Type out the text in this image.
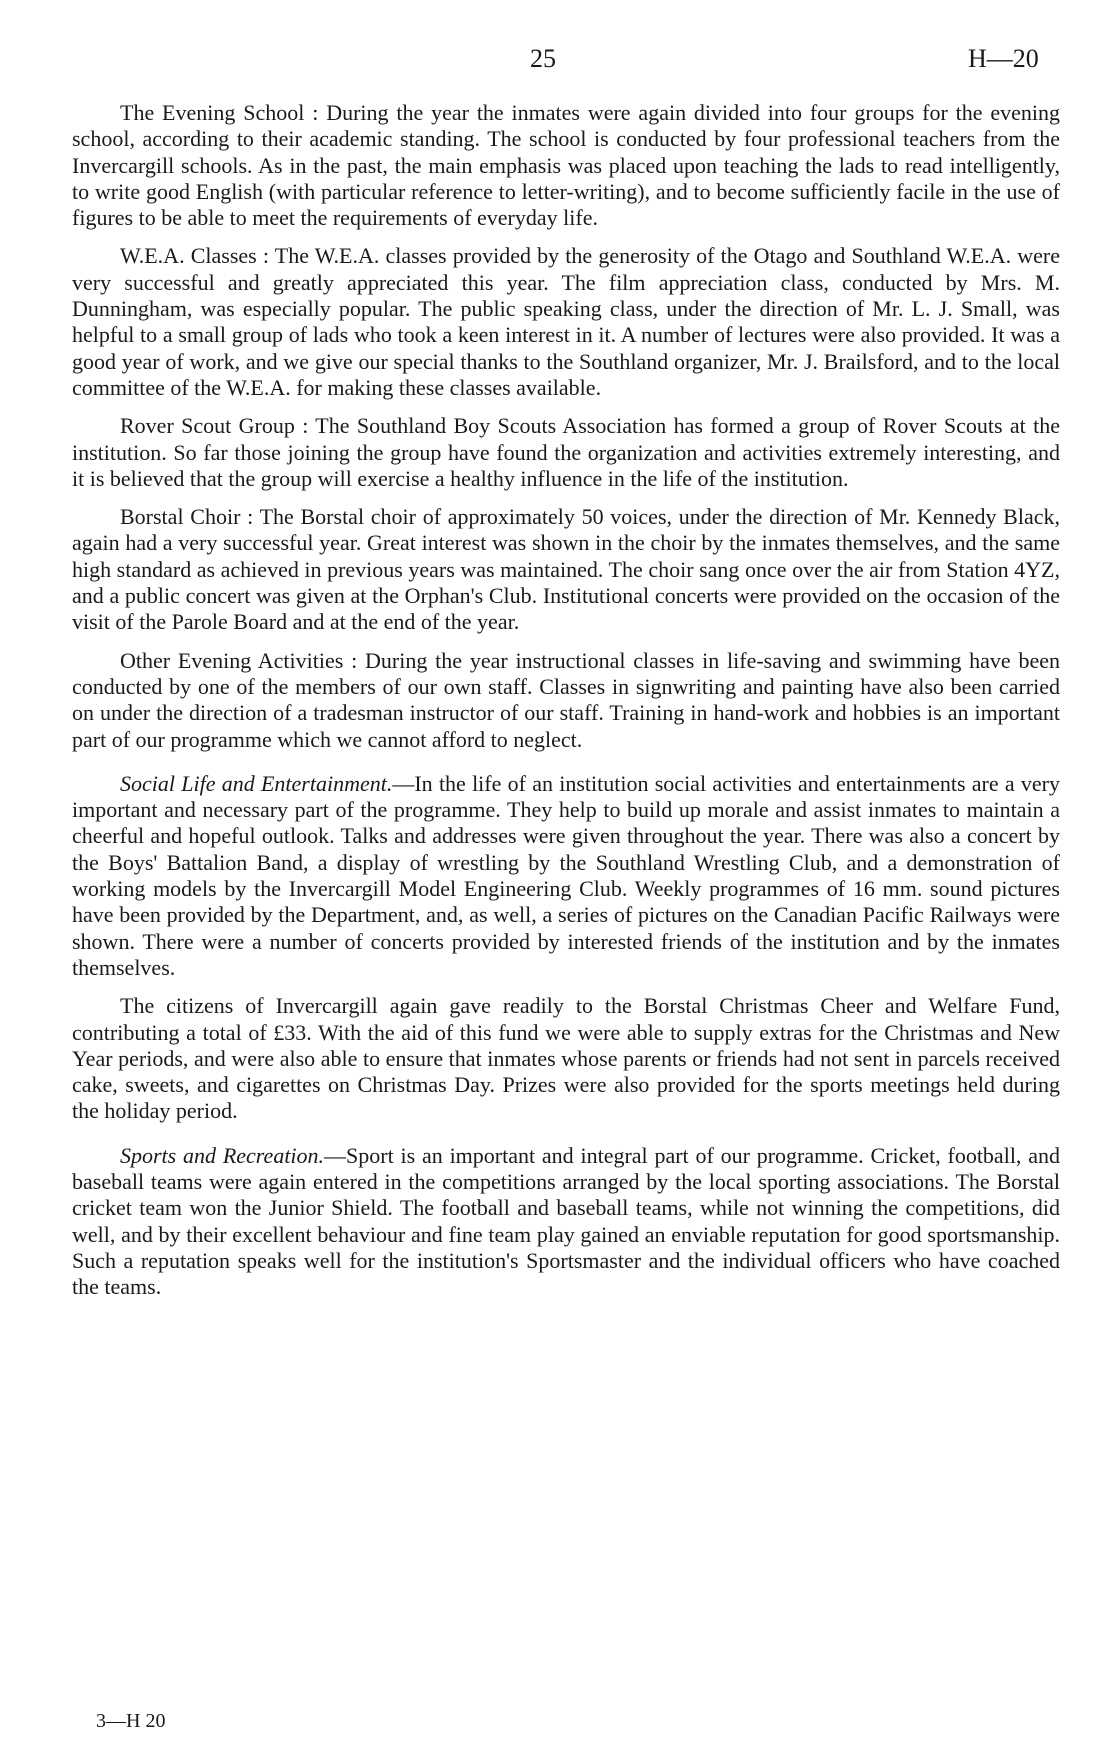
25	H—20

The Evening School : During the year the inmates were again divided into four groups for the evening school, according to their academic standing. The school is conducted by four professional teachers from the Invercargill schools. As in the past, the main emphasis was placed upon teaching the lads to read intelligently, to write good English (with particular reference to letter-writing), and to become sufficiently facile in the use of figures to be able to meet the requirements of everyday life.

W.E.A. Classes : The W.E.A. classes provided by the generosity of the Otago and Southland W.E.A. were very successful and greatly appreciated this year. The film appreciation class, conducted by Mrs. M. Dunningham, was especially popular. The public speaking class, under the direction of Mr. L. J. Small, was helpful to a small group of lads who took a keen interest in it. A number of lectures were also provided. It was a good year of work, and we give our special thanks to the Southland organizer, Mr. J. Brailsford, and to the local committee of the W.E.A. for making these classes available.

Rover Scout Group : The Southland Boy Scouts Association has formed a group of Rover Scouts at the institution. So far those joining the group have found the organization and activities extremely interesting, and it is believed that the group will exercise a healthy influence in the life of the institution.

Borstal Choir : The Borstal choir of approximately 50 voices, under the direction of Mr. Kennedy Black, again had a very successful year. Great interest was shown in the choir by the inmates themselves, and the same high standard as achieved in previous years was maintained. The choir sang once over the air from Station 4YZ, and a public concert was given at the Orphan's Club. Institutional concerts were provided on the occasion of the visit of the Parole Board and at the end of the year.

Other Evening Activities : During the year instructional classes in life-saving and swimming have been conducted by one of the members of our own staff. Classes in signwriting and painting have also been carried on under the direction of a tradesman instructor of our staff. Training in hand-work and hobbies is an important part of our programme which we cannot afford to neglect.

Social Life and Entertainment.—In the life of an institution social activities and entertainments are a very important and necessary part of the programme. They help to build up morale and assist inmates to maintain a cheerful and hopeful outlook. Talks and addresses were given throughout the year. There was also a concert by the Boys' Battalion Band, a display of wrestling by the Southland Wrestling Club, and a demonstration of working models by the Invercargill Model Engineering Club. Weekly programmes of 16 mm. sound pictures have been provided by the Department, and, as well, a series of pictures on the Canadian Pacific Railways were shown. There were a number of concerts provided by interested friends of the institution and by the inmates themselves.

The citizens of Invercargill again gave readily to the Borstal Christmas Cheer and Welfare Fund, contributing a total of £33. With the aid of this fund we were able to supply extras for the Christmas and New Year periods, and were also able to ensure that inmates whose parents or friends had not sent in parcels received cake, sweets, and cigarettes on Christmas Day. Prizes were also provided for the sports meetings held during the holiday period.

Sports and Recreation.—Sport is an important and integral part of our programme. Cricket, football, and baseball teams were again entered in the competitions arranged by the local sporting associations. The Borstal cricket team won the Junior Shield. The football and baseball teams, while not winning the competitions, did well, and by their excellent behaviour and fine team play gained an enviable reputation for good sportsmanship. Such a reputation speaks well for the institution's Sportsmaster and the individual officers who have coached the teams.

3—H 20
